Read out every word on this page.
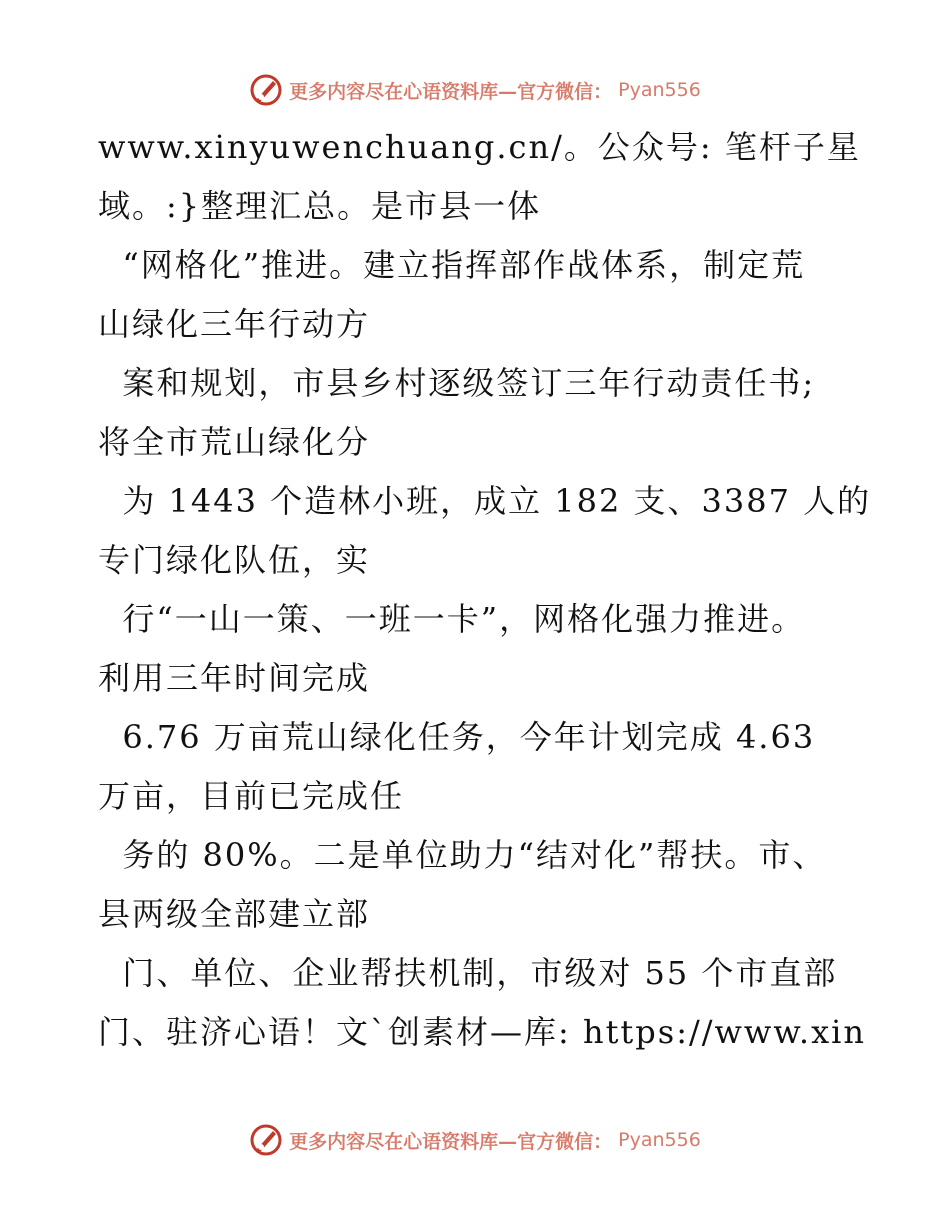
更多内容尽在心语资料库—官方微信： Pyan556
www.xinyuwenchuang.cn/。公众号: 笔杆子星
域。:}整理汇总。是市县一体
“网格化”推进。建立指挥部作战体系，制定荒
山绿化三年行动方
案和规划，市县乡村逐级签订三年行动责任书;
将全市荒山绿化分
为 1443 个造林小班，成立 182 支、3387 人的
专门绿化队伍，实
行“一山一策、一班一卡”，网格化强力推进。
利用三年时间完成
6.76 万亩荒山绿化任务，今年计划完成 4.63
万亩，目前已完成任
务的 80%。二是单位助力“结对化”帮扶。市、
县两级全部建立部
门、单位、企业帮扶机制，市级对 55 个市直部
门、驻济心语！文`创素材—库: https://www.xin
更多内容尽在心语资料库—官方微信： Pyan556
